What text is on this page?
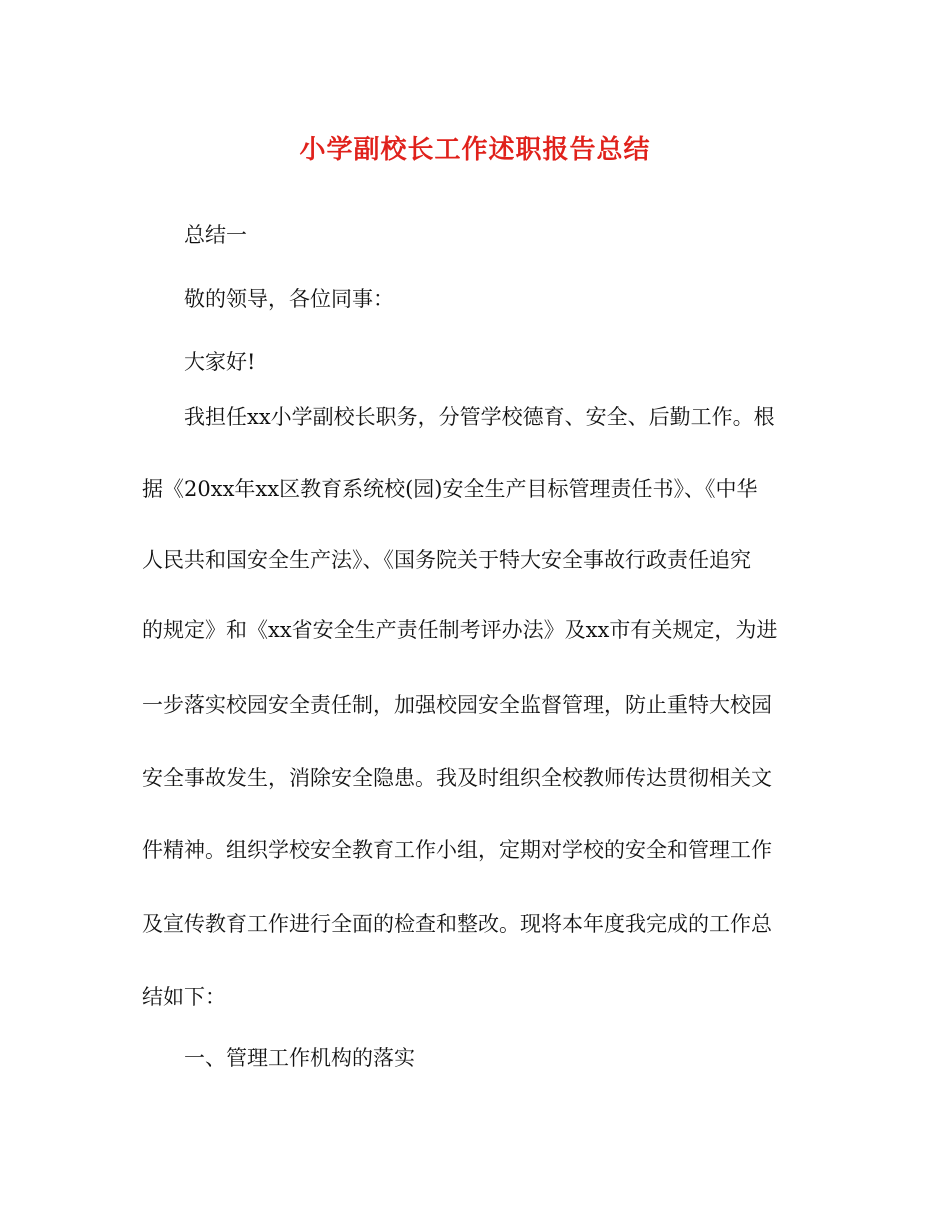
小学副校长工作述职报告总结
总结一
敬的领导，各位同事：
大家好!
我担任xx小学副校长职务，分管学校德育、安全、后勤工作。根
据《20xx年xx区教育系统校(园)安全生产目标管理责任书》、《中华
人民共和国安全生产法》、《国务院关于特大安全事故行政责任追究
的规定》和《xx省安全生产责任制考评办法》及xx市有关规定，为进
一步落实校园安全责任制，加强校园安全监督管理，防止重特大校园
安全事故发生，消除安全隐患。我及时组织全校教师传达贯彻相关文
件精神。组织学校安全教育工作小组，定期对学校的安全和管理工作
及宣传教育工作进行全面的检查和整改。现将本年度我完成的工作总
结如下：
一、管理工作机构的落实
